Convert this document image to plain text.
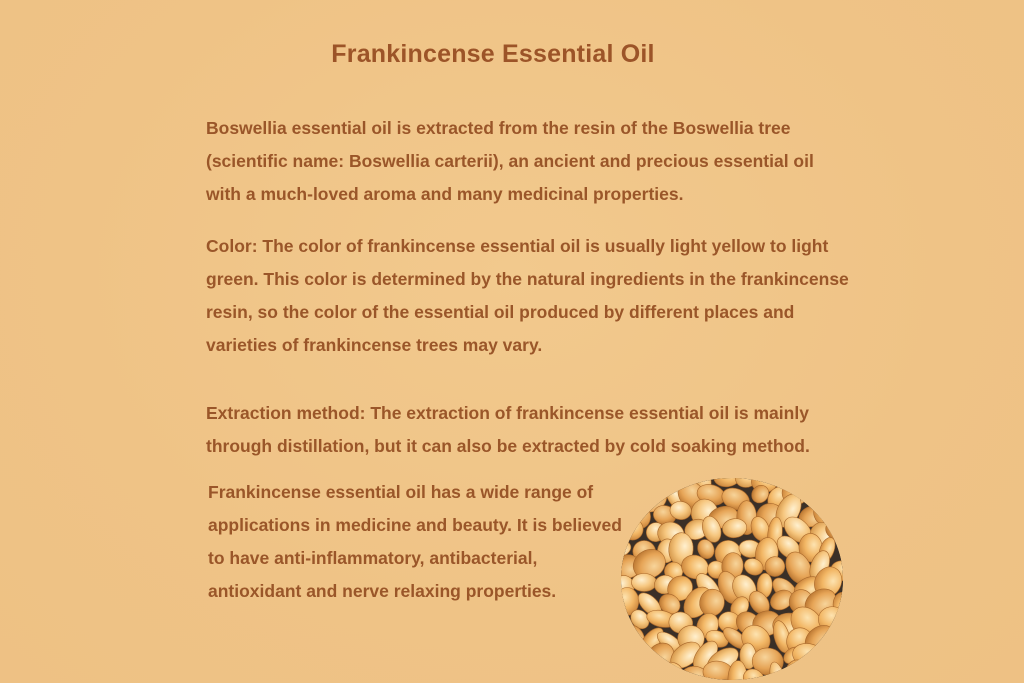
Frankincense Essential Oil

Boswellia essential oil is extracted from the resin of the Boswellia tree (scientific name: Boswellia carterii), an ancient and precious essential oil with a much-loved aroma and many medicinal properties.

Color: The color of frankincense essential oil is usually light yellow to light green. This color is determined by the natural ingredients in the frankincense resin, so the color of the essential oil produced by different places and varieties of frankincense trees may vary.

Extraction method: The extraction of frankincense essential oil is mainly through distillation, but it can also be extracted by cold soaking method.

Frankincense essential oil has a wide range of applications in medicine and beauty. It is believed to have anti-inflammatory, antibacterial, antioxidant and nerve relaxing properties.
